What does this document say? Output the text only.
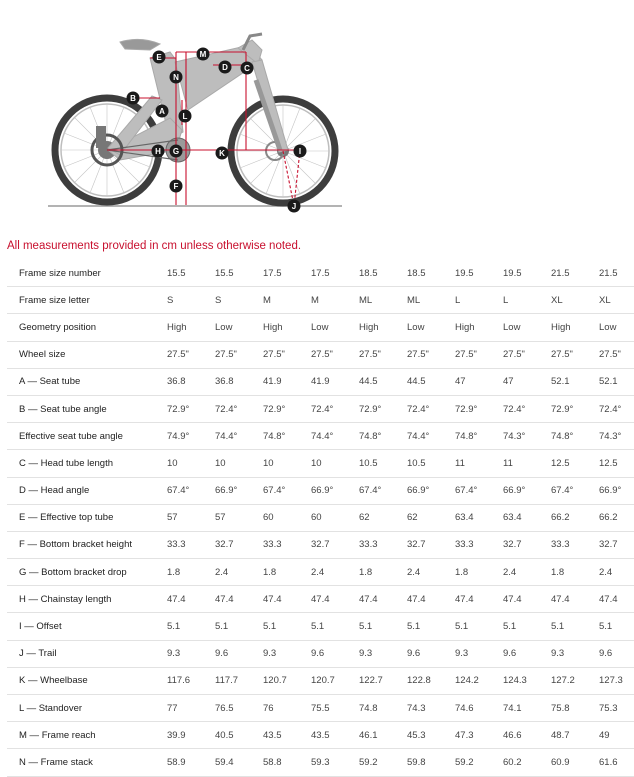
A
B
C
D
E
F
G
H	I
J
K
L
M
N
All measurements provided in cm unless otherwise noted.
Frame size number	15.5	15.5	17.5	17.5	18.5	18.5	19.5	19.5	21.5	21.5
Frame size letter	S	S	M	M	ML	ML	L	L	XL	XL
Geometry position	High	Low	High	Low	High	Low	High	Low	High	Low
Wheel size	27.5"	27.5"	27.5"	27.5"	27.5"	27.5"	27.5"	27.5"	27.5"	27.5"
A — Seat tube	36.8	36.8	41.9	41.9	44.5	44.5	47	47	52.1	52.1
B — Seat tube angle	72.9°	72.4°	72.9°	72.4°	72.9°	72.4°	72.9°	72.4°	72.9°	72.4°
Effective seat tube angle	74.9°	74.4°	74.8°	74.4°	74.8°	74.4°	74.8°	74.3°	74.8°	74.3°
C — Head tube length	10	10	10	10	10.5	10.5	11	11	12.5	12.5
D — Head angle	67.4°	66.9°	67.4°	66.9°	67.4°	66.9°	67.4°	66.9°	67.4°	66.9°
E — Effective top tube	57	57	60	60	62	62	63.4	63.4	66.2	66.2
F — Bottom bracket height	33.3	32.7	33.3	32.7	33.3	32.7	33.3	32.7	33.3	32.7
G — Bottom bracket drop	1.8	2.4	1.8	2.4	1.8	2.4	1.8	2.4	1.8	2.4
H — Chainstay length	47.4	47.4	47.4	47.4	47.4	47.4	47.4	47.4	47.4	47.4
I — Offset	5.1	5.1	5.1	5.1	5.1	5.1	5.1	5.1	5.1	5.1
J — Trail	9.3	9.6	9.3	9.6	9.3	9.6	9.3	9.6	9.3	9.6
K — Wheelbase	117.6	117.7	120.7	120.7	122.7	122.8	124.2	124.3	127.2	127.3
L — Standover	77	76.5	76	75.5	74.8	74.3	74.6	74.1	75.8	75.3
M — Frame reach	39.9	40.5	43.5	43.5	46.1	45.3	47.3	46.6	48.7	49
N — Frame stack	58.9	59.4	58.8	59.3	59.2	59.8	59.2	60.2	60.9	61.6
